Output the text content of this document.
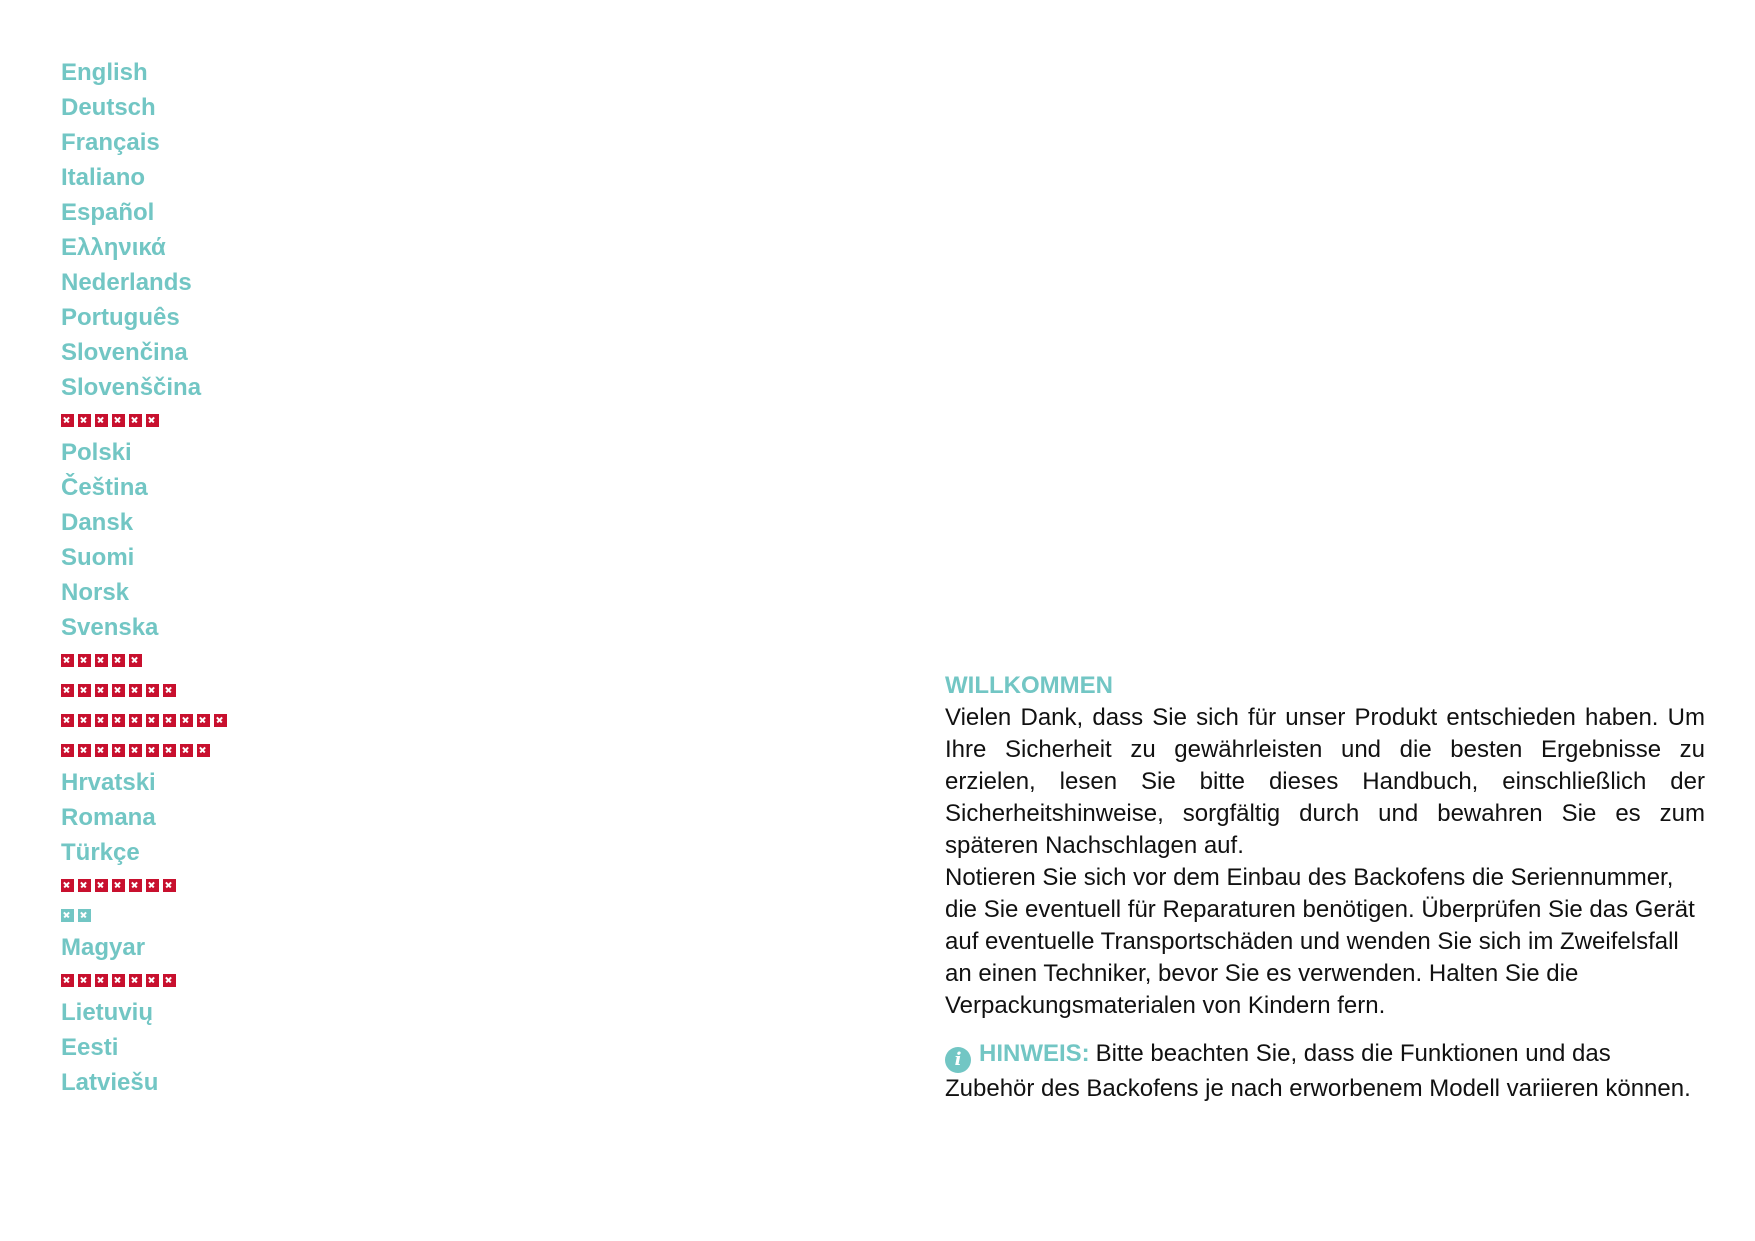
English
Deutsch
Français
Italiano
Español
Ελληνικά
Nederlands
Português
Slovenčina
Slovenščina
Polski
Čeština
Dansk
Suomi
Norsk
Svenska
Hrvatski
Romana
Türkçe
Magyar
Lietuvių
Eesti
Latviešu
WILLKOMMEN

Vielen Dank, dass Sie sich für unser Produkt entschieden haben. Um Ihre Sicherheit zu gewährleisten und die besten Ergebnisse zu erzielen, lesen Sie bitte dieses Handbuch, einschließlich der Sicherheitshinweise, sorgfältig durch und bewahren Sie es zum späteren Nachschlagen auf.

Notieren Sie sich vor dem Einbau des Backofens die Seriennummer, die Sie eventuell für Reparaturen benötigen. Überprüfen Sie das Gerät auf eventuelle Transportschäden und wenden Sie sich im Zweifelsfall an einen Techniker, bevor Sie es verwenden. Halten Sie die Verpackungsmaterialen von Kindern fern.

i HINWEIS: Bitte beachten Sie, dass die Funktionen und das Zubehör des Backofens je nach erworbenem Modell variieren können.
